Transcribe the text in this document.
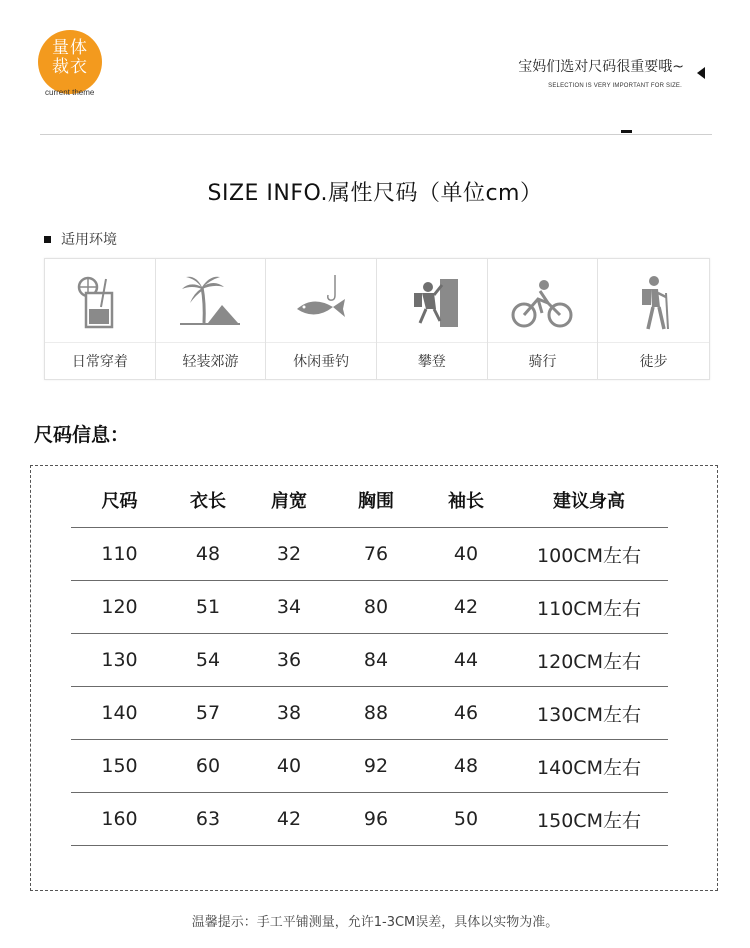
量体
裁衣
current theme
宝妈们选对尺码很重要哦~
SELECTION IS VERY IMPORTANT FOR SIZE.
SIZE INFO.属性尺码（单位cm）
适用环境
日常穿着	轻装郊游	休闲垂钓	攀登	骑行	徒步
尺码信息：
尺码	衣长	肩宽	胸围	袖长	建议身高
110	48	32	76	40	100CM左右
120	51	34	80	42	110CM左右
130	54	36	84	44	120CM左右
140	57	38	88	46	130CM左右
150	60	40	92	48	140CM左右
160	63	42	96	50	150CM左右
温馨提示：手工平铺测量，允许1-3CM误差，具体以实物为准。
